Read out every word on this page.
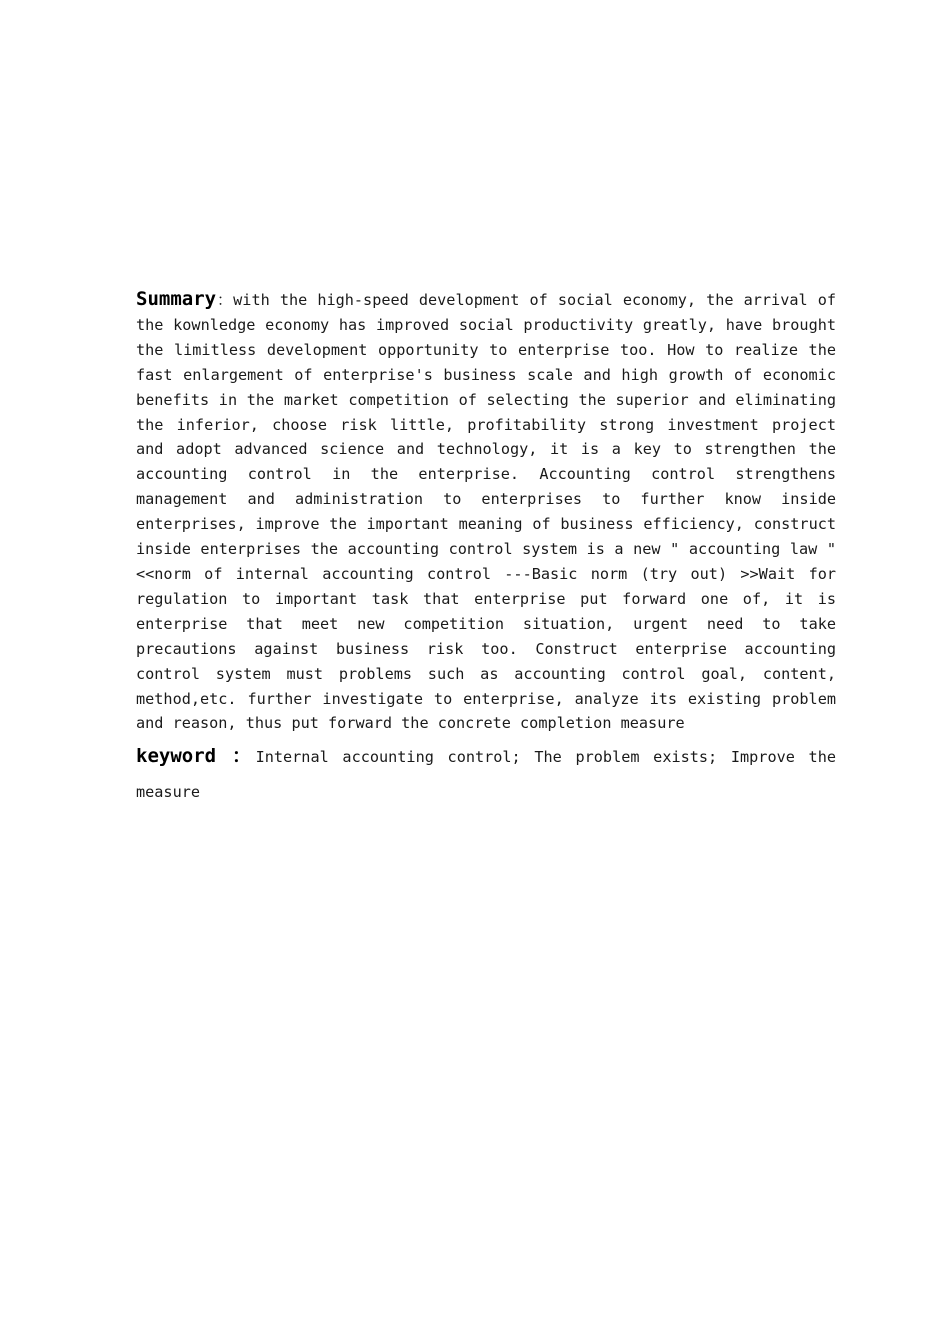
Summary：with the high-speed development of social economy, the arrival of the kownledge economy has improved social productivity greatly, have brought the limitless development opportunity to enterprise too. How to realize the fast enlargement of enterprise's business scale and high growth of economic benefits in the market competition of selecting the superior and eliminating the inferior, choose risk little, profitability strong investment project and adopt advanced science and technology, it is a key to strengthen the accounting control in the enterprise. Accounting control strengthens management and administration to enterprises to further know inside enterprises, improve the important meaning of business efficiency, construct inside enterprises the accounting control system is a new " accounting law " <<norm of internal accounting control ---Basic norm (try out) >>Wait for regulation to important task that enterprise put forward one of, it is enterprise that meet new competition situation, urgent need to take precautions against business risk too. Construct enterprise accounting control system must problems such as accounting control goal, content, method,etc. further investigate to enterprise, analyze its existing problem and reason, thus put forward the concrete completion measure

keyword ：Internal accounting control; The problem exists; Improve the measure
